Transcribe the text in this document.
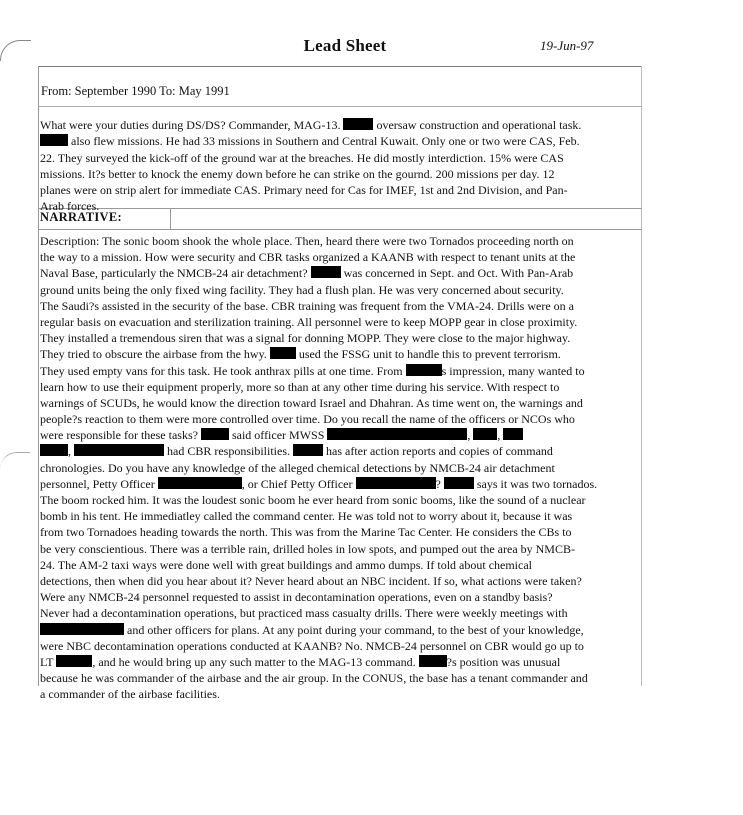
Lead Sheet	19-Jun-97
From: September 1990 To: May 1991
What were your duties during DS/DS? Commander, MAG-13.	oversaw construction and operational task.
also flew missions. He had 33 missions in Southern and Central Kuwait. Only one or two were CAS, Feb.
22. They surveyed the kick-off of the ground war at the breaches. He did mostly interdiction. 15% were CAS
missions. It?s better to knock the enemy down before he can strike on the gournd. 200 missions per day. 12
planes were on strip alert for immediate CAS. Primary need for Cas for IMEF, 1st and 2nd Division, and Pan-
Arab forces.
NARRATIVE:
Description: The sonic boom shook the whole place. Then, heard there were two Tornados proceeding north on
the way to a mission. How were security and CBR tasks organized a KAANB with respect to tenant units at the
Naval Base, particularly the NMCB-24 air detachment?	was concerned in Sept. and Oct. With Pan-Arab
ground units being the only fixed wing facility. They had a flush plan. He was very concerned about security.
The Saudi?s assisted in the security of the base. CBR training was frequent from the VMA-24. Drills were on a
regular basis on evacuation and sterilization training. All personnel were to keep MOPP gear in close proximity.
They installed a tremendous siren that was a signal for donning MOPP. They were close to the major highway.
They tried to obscure the airbase from the hwy.  used the FSSG unit to handle this to prevent terrorism.
They used empty vans for this task. He took anthrax pills at one time. From	s impression, many wanted to
learn how to use their equipment properly, more so than at any other time during his service. With respect to
warnings of SCUDs, he would know the direction toward Israel and Dhahran. As time went on, the warnings and
people?s reaction to them were more controlled over time. Do you recall the name of the officers or NCOs who
were responsible for these tasks?  said officer MWSS	, ,
,	had CBR responsibilities.	has after action reports and copies of command
chronologies. Do you have any knowledge of the alleged chemical detections by NMCB-24 air detachment
personnel, Petty Officer	, or Chief Petty Officer	?	says it was two tornados.
The boom rocked him. It was the loudest sonic boom he ever heard from sonic booms, like the sound of a nuclear
bomb in his tent. He immediatley called the command center. He was told not to worry about it, because it was
from two Tornadoes heading towards the north. This was from the Marine Tac Center. He considers the CBs to
be very conscientious. There was a terrible rain, drilled holes in low spots, and pumped out the area by NMCB-
24. The AM-2 taxi ways were done well with great buildings and ammo dumps. If told about chemical
detections, then when did you hear about it? Never heard about an NBC incident. If so, what actions were taken?
Were any NMCB-24 personnel requested to assist in decontamination operations, even on a standby basis?
Never had a decontamination operations, but practiced mass casualty drills. There were weekly meetings with
and other officers for plans. At any point during your command, to the best of your knowledge,
were NBC decontamination operations conducted at KAANB? No. NMCB-24 personnel on CBR would go up to
LT	, and he would bring up any such matter to the MAG-13 command. ?s position was unusual
because he was commander of the airbase and the air group. In the CONUS, the base has a tenant commander and
a commander of the airbase facilities.
